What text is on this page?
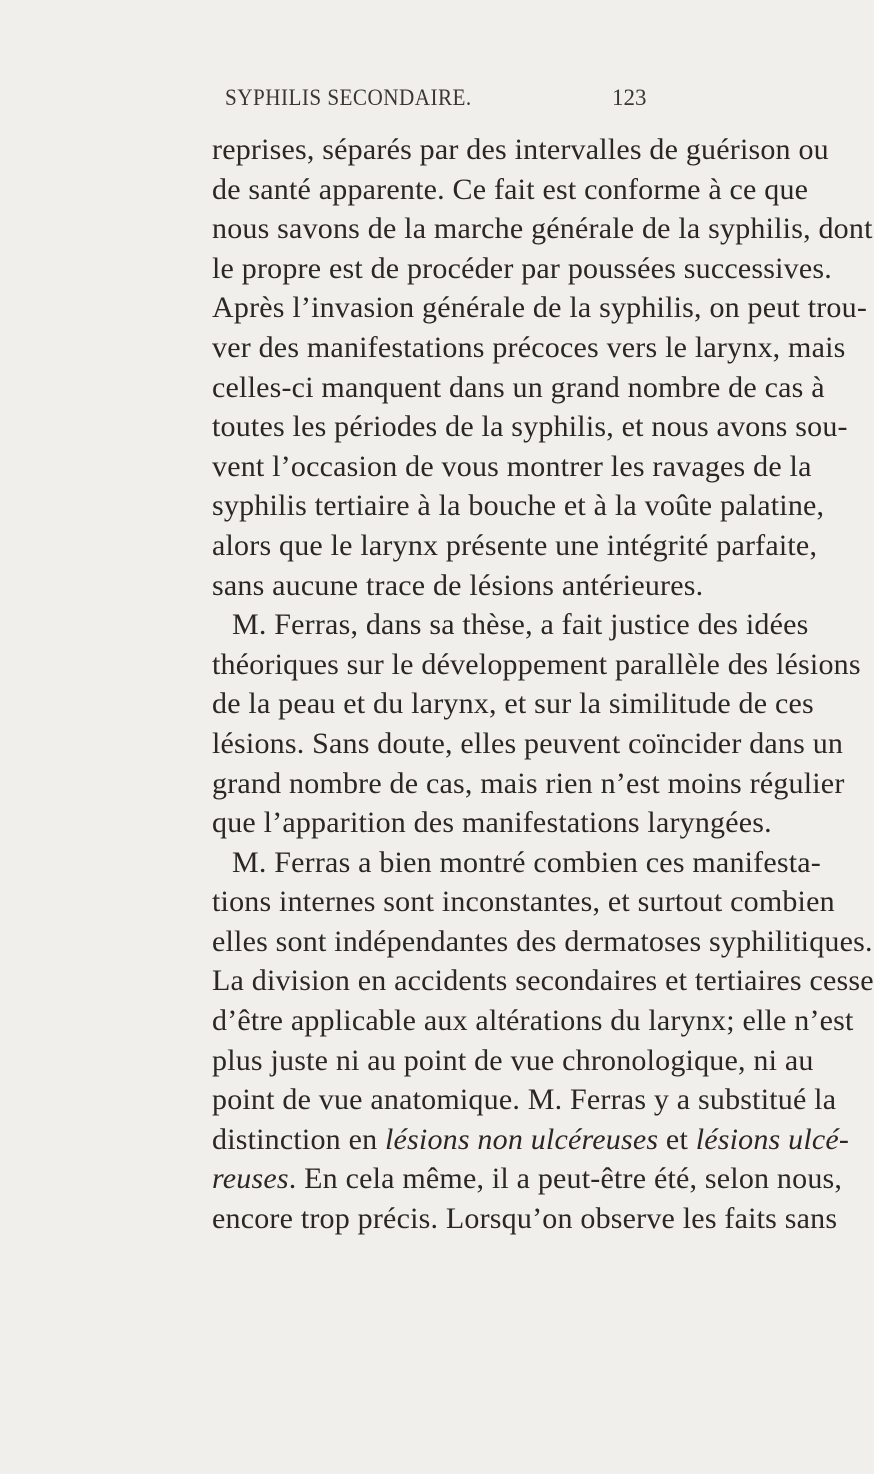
SYPHILIS SECONDAIRE.	123
reprises, séparés par des intervalles de guérison ou
de santé apparente. Ce fait est conforme à ce que
nous savons de la marche générale de la syphilis, dont
le propre est de procéder par poussées successives.
Après l’invasion générale de la syphilis, on peut trou-
ver des manifestations précoces vers le larynx, mais
celles-ci manquent dans un grand nombre de cas à
toutes les périodes de la syphilis, et nous avons sou-
vent l’occasion de vous montrer les ravages de la
syphilis tertiaire à la bouche et à la voûte palatine,
alors que le larynx présente une intégrité parfaite,
sans aucune trace de lésions antérieures.
M. Ferras, dans sa thèse, a fait justice des idées
théoriques sur le développement parallèle des lésions
de la peau et du larynx, et sur la similitude de ces
lésions. Sans doute, elles peuvent coïncider dans un
grand nombre de cas, mais rien n’est moins régulier
que l’apparition des manifestations laryngées.
M. Ferras a bien montré combien ces manifesta-
tions internes sont inconstantes, et surtout combien
elles sont indépendantes des dermatoses syphilitiques.
La division en accidents secondaires et tertiaires cesse
d’être applicable aux altérations du larynx; elle n’est
plus juste ni au point de vue chronologique, ni au
point de vue anatomique. M. Ferras y a substitué la
distinction en lésions non ulcéreuses et lésions ulcé-
reuses. En cela même, il a peut-être été, selon nous,
encore trop précis. Lorsqu’on observe les faits sans
